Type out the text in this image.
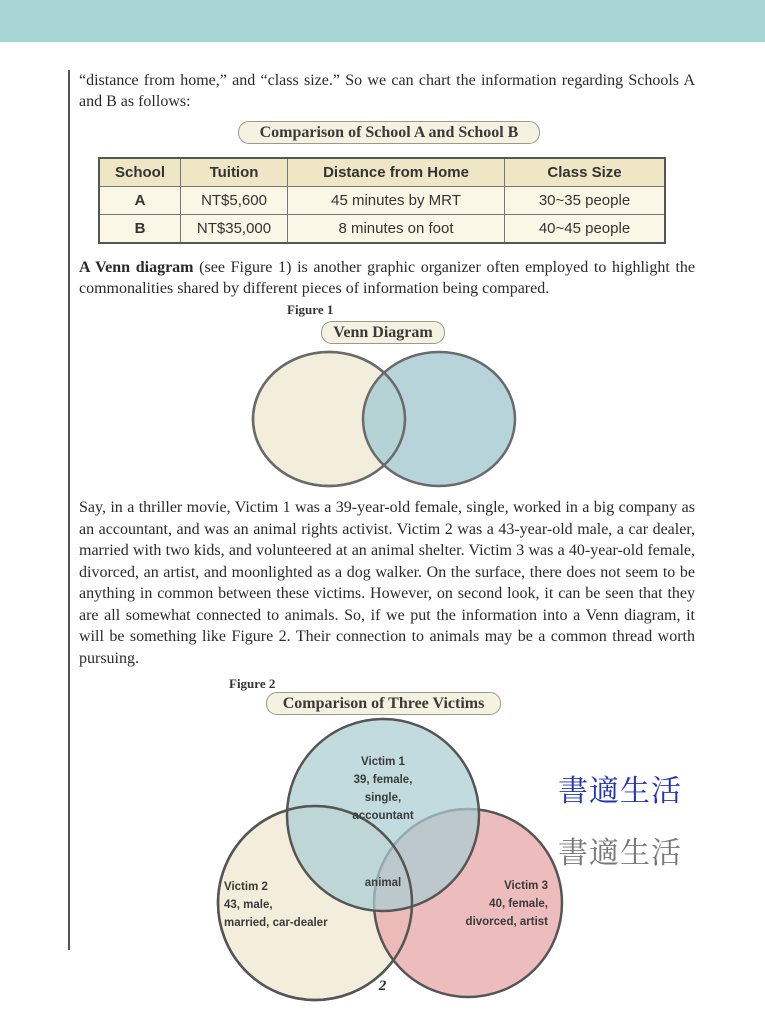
“distance from home,” and “class size.” So we can chart the information regarding Schools A and B as follows:

Comparison of School A and School B
School	Tuition	Distance from Home	Class Size
A	NT$5,600	45 minutes by MRT	30~35 people
B	NT$35,000	8 minutes on foot	40~45 people

A Venn diagram (see Figure 1) is another graphic organizer often employed to highlight the commonalities shared by different pieces of information being compared.

Figure 1
Venn Diagram

Say, in a thriller movie, Victim 1 was a 39-year-old female, single, worked in a big company as an accountant, and was an animal rights activist. Victim 2 was a 43-year-old male, a car dealer, married with two kids, and volunteered at an animal shelter. Victim 3 was a 40-year-old female, divorced, an artist, and moonlighted as a dog walker. On the surface, there does not seem to be anything in common between these victims. However, on second look, it can be seen that they are all somewhat connected to animals. So, if we put the information into a Venn diagram, it will be something like Figure 2. Their connection to animals may be a common thread worth pursuing.

Figure 2
Comparison of Three Victims
Victim 1
39, female,
single,
accountant
Victim 2
43, male,
married, car-dealer
Victim 3
40, female,
divorced, artist
animal
書適生活
書適生活
2
